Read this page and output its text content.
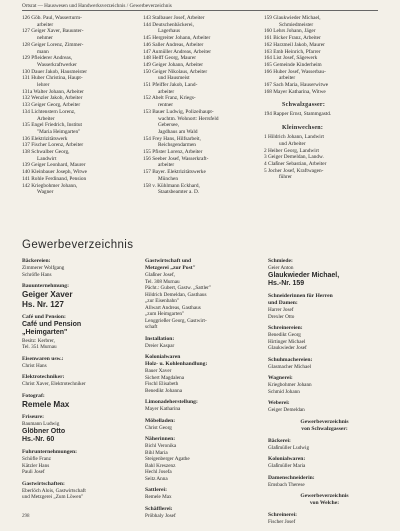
Ortsrat — Hauswesen und Handwerksverzeichnis / Gewerbeverzeichnis
126 Göb. Paul, Wasserturm-
arbeiter
127 Geiger Xaver, Bauunter-
nehmer
128 Geiger Lorenz, Zimmer-
mann
129 Pfleiderer Andreas,
Wasserkraftwerker
130 Dauer Jakob, Hausmeister
131 Huber Christina, Haupt-
lehrer
131a Walter Johann, Arbeiter
132 Wenzler Jakob, Arbeiter
133 Geiger Georg, Arbeiter
134 Lichtenstern Lorenz,
Arbeiter
135 Engel Friedrich, Institut
"Maria Heimgarten"
136 Elektrizitätswerk
137 Fischer Lorenz, Arbeiter
138 Schwalber Georg,
Landwirt
139 Geiger Leonhard, Maurer
140 Kleinbauer Joseph, Witwe
141 Rohle Ferdinand, Pension
142 Kriegbohmer Johann,
Wagner
143 Stalbauer Josef, Arbeiter
144 Deutschenbäckerei,
Lagerhaus
145 Hergreiter Johann, Arbeiter
146 Saller Andreas, Arbeiter
147 Aumüller Andreas, Arbeiter
148 Helff Georg, Maurer
149 Geiger Johann, Arbeiter
150 Geiger Nikolaus, Arbeiter
und Hausmeist
151 Pfeiffer Jakob, Land-
arbeiter
152 Abelt Franz, Kriegs-
rentner
153 Bauer Ludwig, Polizeihaupt-
wachtm. Wohnort: Herrsfeld
Gebersee,
Jagdhaus am Wald
154 Frey Hans, Hilfsarbeit,
Reichsgendarmen
155 Pfister Lorenz, Arbeiter
156 Seeber Josef, Wasserkraft-
arbeiter
157 Bayer. Elektrizitätswerke
München
158 v. Kühlmann Eckhard,
Staatsbeamter a. D.
159 Glaukwieder Michael,
Schmiedmeister
160 Lehrs Johann, Jäger
161 Bicker Franz, Arbeiter
162 Harzmeil Jakob, Maurer
163 Emb Heinrich, Pfarrer
164 List Josef, Sägewerk
165 Gemeinde Kinderheim
166 Huber Josef, Wasserbau-
arbeiter
167 Sach Maria, Hauserwitwe
168 Mayer Katharina, Witwe
Schwalzgasser:
194 Rapper Ernst, Stammgastd.
Kleinwechsen:
1 Hildrich Johann, Landwirt
und Arbeiter
2 Heiber Georg, Landwirt
3 Geiger Demeldan, Landw.
4 Claßner Sebastian, Arbeiter
5 Jocher Josef, Kraftwagen-
führer
Gewerbeverzeichnis
Bäckereien:
Zimmerer Wolfgang
Schröfle Hans
Bauunternehmung:
Geiger Xaver
Hs. Nr. 127
Café und Pension:
Café und Pension
„Heimgarten"
Besitz: Kerbrer,
Tel. 351 Murnau
Eisenwaren usw.:
Christ Hans
Elektrotechniker:
Christ Xaver, Elektrotechniker
Fotograf:
Remele Max
Friseure:
Baumann Ludwig
Glöbner Otto
Hs.-Nr. 60
Fuhrunternehmungen:
Schöfle Franz
Kätzler Hans
Pauli Josef
Gastwirtschaften:
Eberlöch Alois, Gastwirtschaft
und Metzgerei „Zum Löwen"
Gastwirtschaft und
Metzgerei „zur Post"
Glaßner Josef,
Tel. 308 Murnau
Pächt.: Gubert, Gastw. „Sattler"
Hildrich Demeldan, Gasthaus
„zur Eisenbahn"
Allwart Andreas, Gasthaus
„zum Heimgarten"
Lenggrießer Georg, Gastwirt-
schaft
Installation:
Dreier Kaspar
Kolonialwaren
Holz- u. Kohlenhandlung:
Bauer Xaver
Sichert Magdalena
Fischl Elisabeth
Benedikt Johanna
Limonadeherstellung:
Mayer Katharina
Möbelladen:
Christ Georg
Näherinnen:
Bichl Veronika
Bihl Maria
Steigenberger Agathe
Bahl Kreszenz
Hechl Josefa
Seitz Anna
Sattlerei:
Remele Max
Schäfflerei:
Pröbhaly Josef
Schmiede:
Geier Anton
Glaukwieder Michael,
Hs.-Nr. 159
Schneiderinnen für Herren
und Damen:
Harrer Josef
Drexler Otto
Schreinereien:
Benedikt Georg
Hirtinger Michael
Glaukwieder Josef
Schuhmachereien:
Glasmacher Michael
Wagnerei:
Kriegbohmer Johann
Schmid Johann
Weberei:
Geiger Demeldan
Gewerbeverzeichnis
von Schwalzgasser:
Bäckerei:
Glaßmüller Ludwig
Kolonialwaren:
Glaßmüller Maria
Damenschneiderin:
Emsbach Therese
Gewerbeverzeichnis
von Welche:
Schreinerei:
Fischer Josef
298
